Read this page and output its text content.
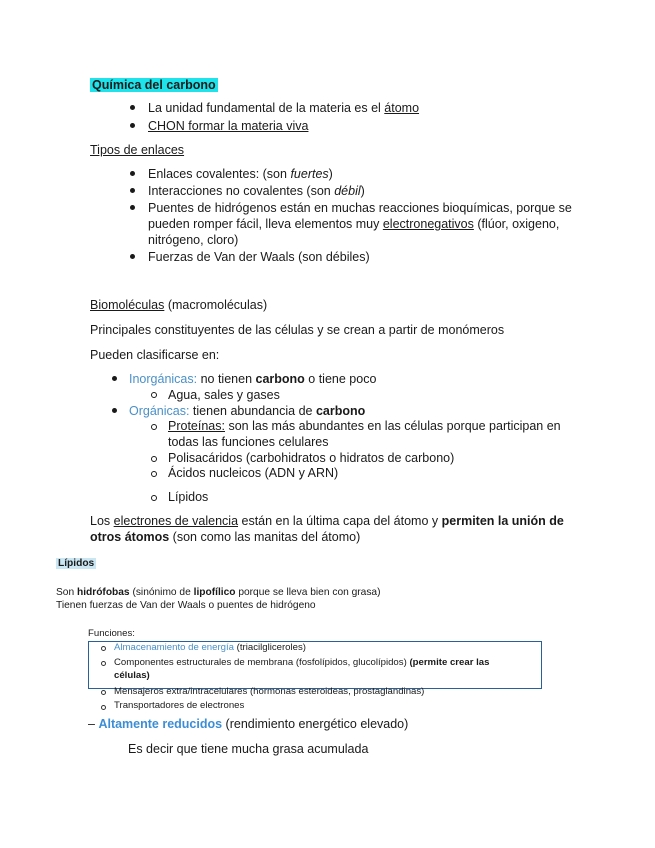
Química del carbono
La unidad fundamental de la materia es el átomo
CHON formar la materia viva
Tipos de enlaces
Enlaces covalentes: (son fuertes)
Interacciones no covalentes (son débil)
Puentes de hidrógenos están en muchas reacciones bioquímicas, porque se
pueden romper fácil, lleva elementos muy electronegativos (flúor, oxigeno,
nitrógeno, cloro)
Fuerzas de Van der Waals (son débiles)
Biomoléculas (macromoléculas)
Principales constituyentes de las células y se crean a partir de monómeros
Pueden clasificarse en:
Inorgánicas: no tienen carbono o tiene poco
Agua, sales y gases
Orgánicas: tienen abundancia de carbono
Proteínas: son las más abundantes en las células porque participan en
todas las funciones celulares
Polisacáridos (carbohidratos o hidratos de carbono)
Ácidos nucleicos (ADN y ARN)
Lípidos
Los electrones de valencia están en la última capa del átomo y permiten la unión de
otros átomos (son como las manitas del átomo)
Lípidos
Son hidrófobas (sinónimo de lipofílico porque se lleva bien con grasa)
Tienen fuerzas de Van der Waals o puentes de hidrógeno
Funciones:
Almacenamiento de energía (triacilgliceroles)
Componentes estructurales de membrana (fosfolípidos, glucolípidos) (permite crear las
células)
Mensajeros extra/intracelulares (hormonas esteroideas, prostaglandinas)
Transportadores de electrones
– Altamente reducidos (rendimiento energético elevado)
Es decir que tiene mucha grasa acumulada
